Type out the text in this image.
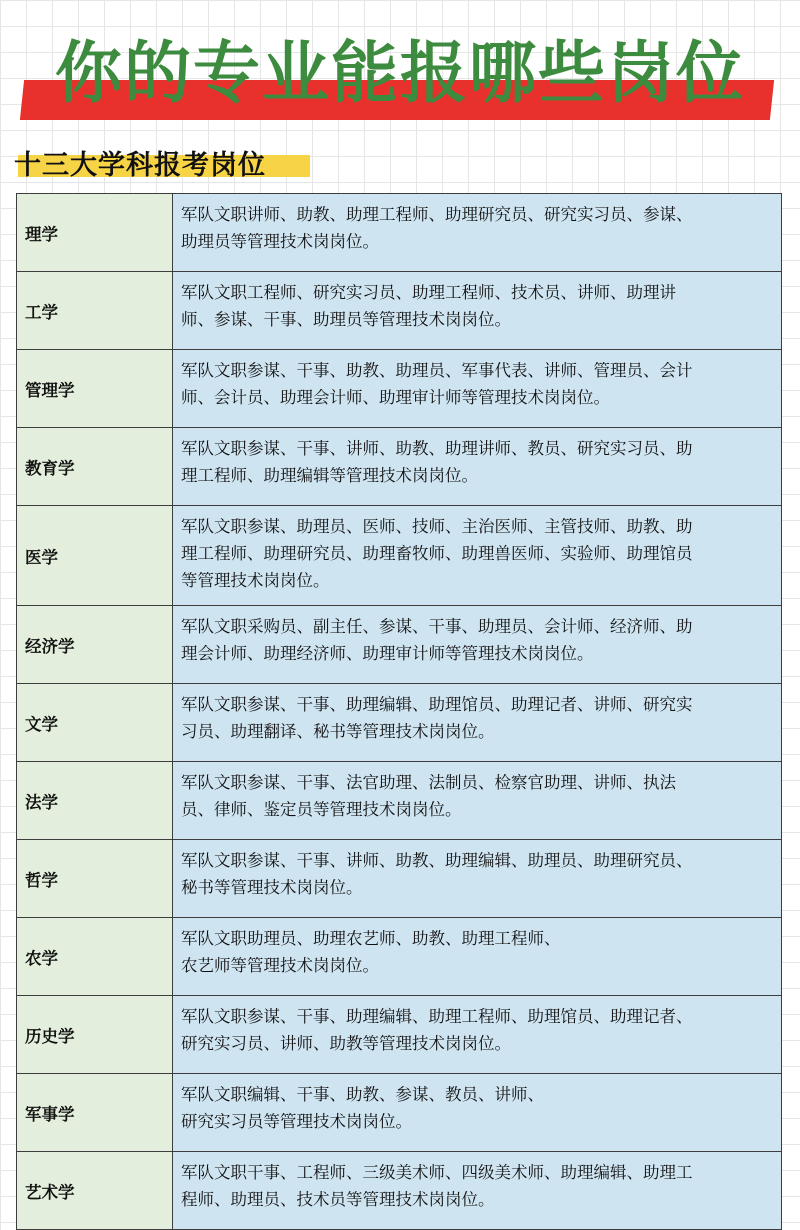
你的专业能报哪些岗位
十三大学科报考岗位
理学	军队文职讲师、助教、助理工程师、助理研究员、研究实习员、参谋、
助理员等管理技术岗岗位。

工学	军队文职工程师、研究实习员、助理工程师、技术员、讲师、助理讲
师、参谋、干事、助理员等管理技术岗岗位。

管理学	军队文职参谋、干事、助教、助理员、军事代表、讲师、管理员、会计
师、会计员、助理会计师、助理审计师等管理技术岗岗位。

教育学	军队文职参谋、干事、讲师、助教、助理讲师、教员、研究实习员、助
理工程师、助理编辑等管理技术岗岗位。

医学	军队文职参谋、助理员、医师、技师、主治医师、主管技师、助教、助
理工程师、助理研究员、助理畜牧师、助理兽医师、实验师、助理馆员
等管理技术岗岗位。

经济学	军队文职采购员、副主任、参谋、干事、助理员、会计师、经济师、助
理会计师、助理经济师、助理审计师等管理技术岗岗位。

文学	军队文职参谋、干事、助理编辑、助理馆员、助理记者、讲师、研究实
习员、助理翻译、秘书等管理技术岗岗位。

法学	军队文职参谋、干事、法官助理、法制员、检察官助理、讲师、执法
员、律师、鉴定员等管理技术岗岗位。

哲学	军队文职参谋、干事、讲师、助教、助理编辑、助理员、助理研究员、
秘书等管理技术岗岗位。

农学	军队文职助理员、助理农艺师、助教、助理工程师、
农艺师等管理技术岗岗位。

历史学	军队文职参谋、干事、助理编辑、助理工程师、助理馆员、助理记者、
研究实习员、讲师、助教等管理技术岗岗位。

军事学	军队文职编辑、干事、助教、参谋、教员、讲师、
研究实习员等管理技术岗岗位。

艺术学	军队文职干事、工程师、三级美术师、四级美术师、助理编辑、助理工
程师、助理员、技术员等管理技术岗岗位。
